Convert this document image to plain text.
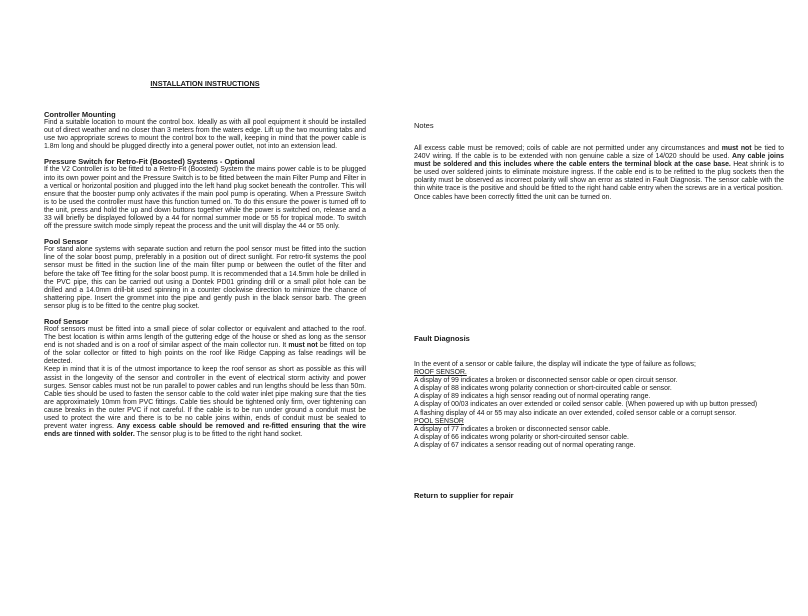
INSTALLATION INSTRUCTIONS
Controller Mounting

Find a suitable location to mount the control box. Ideally as with all pool equipment it should be installed out of direct weather and no closer than 3 meters from the waters edge. Lift up the two mounting tabs and use two appropriate screws to mount the control box to the wall, keeping in mind that the power cable is 1.8m long and should be plugged directly into a general power outlet, not into an extension lead.

Pressure Switch for Retro-Fit (Boosted) Systems - Optional

If the V2 Controller is to be fitted to a Retro-Fit (Boosted) System the mains power cable is to be plugged into its own power point and the Pressure Switch is to be fitted between the main Filter Pump and Filter in a vertical or horizontal position and plugged into the left hand plug socket beneath the controller. This will ensure that the booster pump only activates if the main pool pump is operating. When a Pressure Switch is to be used the controller must have this function turned on. To do this ensure the power is turned off to the unit, press and hold the up and down buttons together while the power is switched on, release and a 33 will briefly be displayed followed by a 44 for normal summer mode or 55 for tropical mode. To switch off the pressure switch mode simply repeat the process and the unit will display the 44 or 55 only.

Pool Sensor

For stand alone systems with separate suction and return the pool sensor must be fitted into the suction line of the solar boost pump, preferably in a position out of direct sunlight. For retro-fit systems the pool sensor must be fitted in the suction line of the main filter pump or between the outlet of the filter and before the take off Tee fitting for the solar boost pump. It is recommended that a 14.5mm hole be drilled in the PVC pipe, this can be carried out using a Dontek PD01 grinding drill or a small pilot hole can be drilled and a 14.0mm drill-bit used spinning in a counter clockwise direction to minimize the chance of shattering pipe. Insert the grommet into the pipe and gently push in the black sensor barb. The green sensor plug is to be fitted to the centre plug socket.

Roof Sensor

Roof sensors must be fitted into a small piece of solar collector or equivalent and attached to the roof. The best location is within arms length of the guttering edge of the house or shed as long as the sensor end is not shaded and is on a roof of similar aspect of the main collector run. It must not be fitted on top of the solar collector or fitted to high points on the roof like Ridge Capping as false readings will be detected.

Keep in mind that it is of the utmost importance to keep the roof sensor as short as possible as this will assist in the longevity of the sensor and controller in the event of electrical storm activity and power surges. Sensor cables must not be run parallel to power cables and run lengths should be less than 50m. Cable ties should be used to fasten the sensor cable to the cold water inlet pipe making sure that the ties are approximately 10mm from PVC fittings. Cable ties should be tightened only firm, over tightening can cause breaks in the outer PVC if not careful. If the cable is to be run under ground a conduit must be used to protect the wire and there is to be no cable joins within, ends of conduit must be sealed to prevent water ingress. Any excess cable should be removed and re-fitted ensuring that the wire ends are tinned with solder. The sensor plug is to be fitted to the right hand socket.

Notes

All excess cable must be removed; coils of cable are not permitted under any circumstances and must not be tied to 240V wiring. If the cable is to be extended with non genuine cable a size of 14/020 should be used. Any cable joins must be soldered and this includes where the cable enters the terminal block at the case base. Heat shrink is to be used over soldered joints to eliminate moisture ingress. If the cable end is to be refitted to the plug sockets then the polarity must be observed as incorrect polarity will show an error as stated in Fault Diagnosis. The sensor cable with the thin white trace is the positive and should be fitted to the right hand cable entry when the screws are in a vertical position.

Once cables have been correctly fitted the unit can be turned on.

Fault Diagnosis
In the event of a sensor or cable failure, the display will indicate the type of failure as follows;
ROOF SENSOR.
A display of 99 indicates a broken or disconnected sensor cable or open circuit sensor.
A display of 88 indicates wrong polarity connection or short-circuited cable or sensor.
A display of 89 indicates a high sensor reading out of normal operating range.
A display of 00/03 indicates an over extended or coiled sensor cable. (When powered up with up button pressed)
A flashing display of 44 or 55 may also indicate an over extended, coiled sensor cable or a corrupt sensor.
POOL SENSOR
A display of 77 indicates a broken or disconnected sensor cable.
A display of 66 indicates wrong polarity or short-circuited sensor cable.
A display of 67 indicates a sensor reading out of normal operating range.
Return to supplier for repair
